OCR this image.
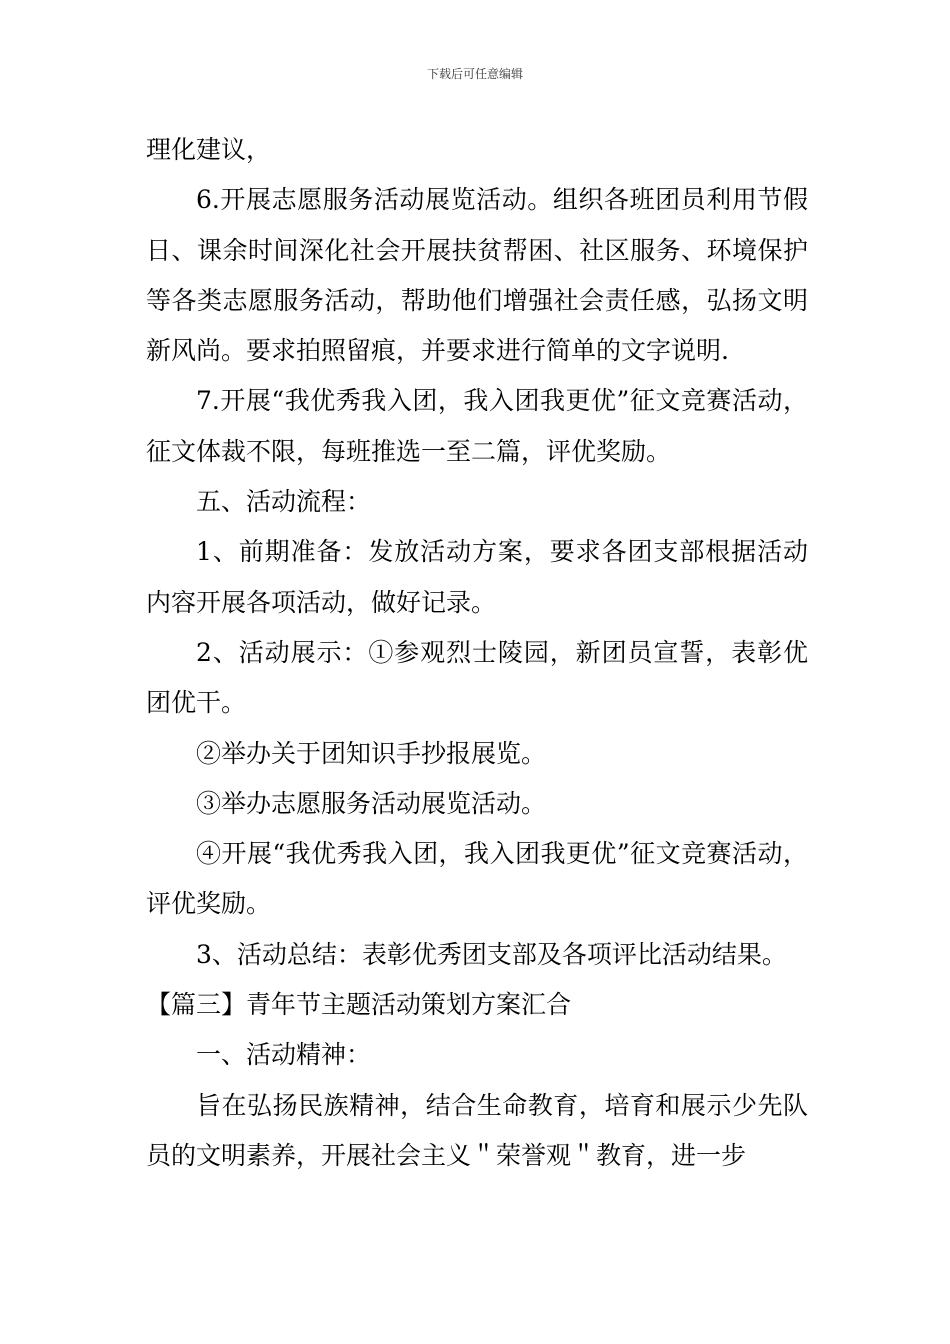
下载后可任意编辑

理化建议，

6.开展志愿服务活动展览活动。组织各班团员利用节假日、课余时间深化社会开展扶贫帮困、社区服务、环境保护等各类志愿服务活动，帮助他们增强社会责任感，弘扬文明新风尚。要求拍照留痕，并要求进行简单的文字说明.

7.开展“我优秀我入团，我入团我更优”征文竞赛活动，征文体裁不限，每班推选一至二篇，评优奖励。

五、活动流程：

1、前期准备：发放活动方案，要求各团支部根据活动内容开展各项活动，做好记录。

2、活动展示：①参观烈士陵园，新团员宣誓，表彰优团优干。

②举办关于团知识手抄报展览。

③举办志愿服务活动展览活动。

④开展“我优秀我入团，我入团我更优”征文竞赛活动，评优奖励。

3、活动总结：表彰优秀团支部及各项评比活动结果。

【篇三】青年节主题活动策划方案汇合

一、活动精神：

旨在弘扬民族精神，结合生命教育，培育和展示少先队员的文明素养，开展社会主义＂荣誉观＂教育，进一步
